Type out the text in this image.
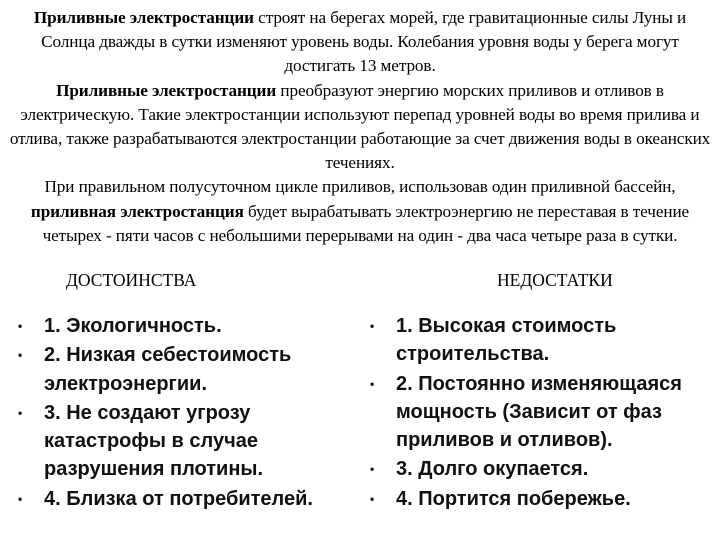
Приливные электростанции строят на берегах морей, где гравитационные силы Луны и Солнца дважды в сутки изменяют уровень воды. Колебания уровня воды у берега могут достигать 13 метров.

Приливные электростанции преобразуют энергию морских приливов и отливов в электрическую. Такие электростанции используют перепад уровней воды во время прилива и отлива, также разрабатываются электростанции работающие за счет движения воды в океанских течениях.

При правильном полусуточном цикле приливов, использовав один приливной бассейн, приливная электростанция будет вырабатывать электроэнергию не переставая в течение четырех - пяти часов с небольшими перерывами на один - два часа четыре раза в сутки.

ДОСТОИНСТВА	НЕДОСТАТКИ
• 1. Экологичность.
• 2. Низкая себестоимость электроэнергии.
• 3. Не создают угрозу катастрофы в случае разрушения плотины.
• 4. Близка от потребителей.
• 1. Высокая стоимость строительства.
• 2. Постоянно изменяющаяся мощность (Зависит от фаз приливов и отливов).
• 3. Долго окупается.
• 4. Портится побережье.
